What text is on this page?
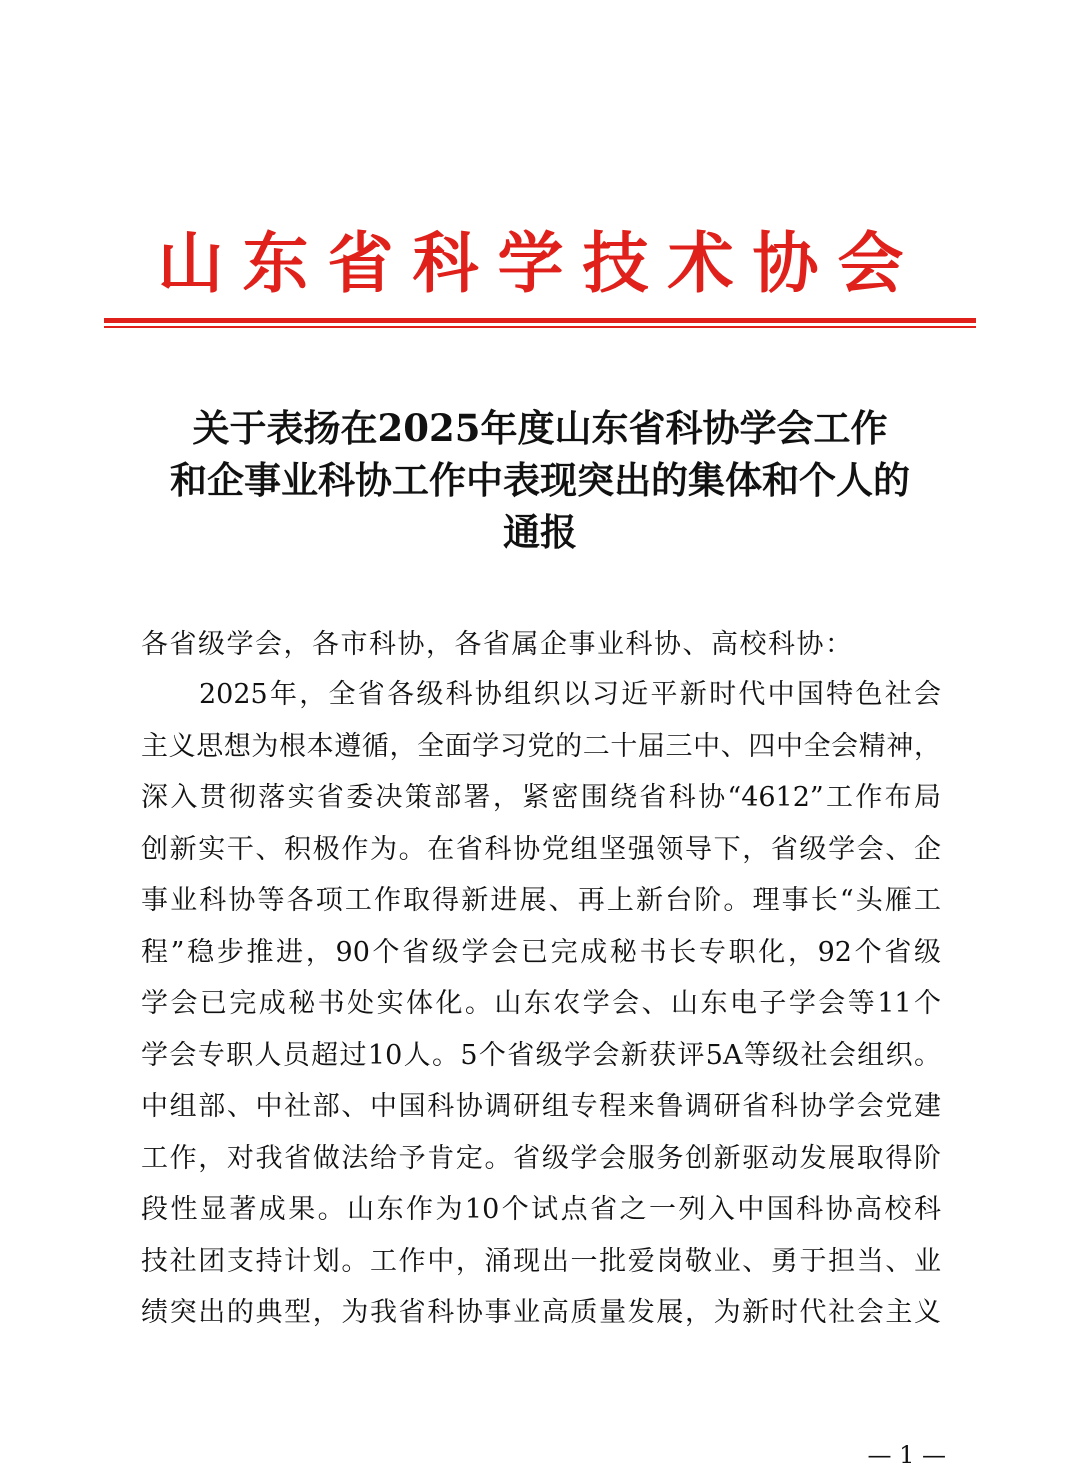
山东省科学技术协会
关于表扬在2025年度山东省科协学会工作
和企事业科协工作中表现突出的集体和个人的
通报
各省级学会，各市科协，各省属企事业科协、高校科协：
2025年，全省各级科协组织以习近平新时代中国特色社会
主义思想为根本遵循，全面学习党的二十届三中、四中全会精神，
深入贯彻落实省委决策部署，紧密围绕省科协“4612”工作布局
创新实干、积极作为。在省科协党组坚强领导下，省级学会、企
事业科协等各项工作取得新进展、再上新台阶。理事长“头雁工
程”稳步推进，90个省级学会已完成秘书长专职化，92个省级
学会已完成秘书处实体化。山东农学会、山东电子学会等11个
学会专职人员超过10人。5个省级学会新获评5A等级社会组织。
中组部、中社部、中国科协调研组专程来鲁调研省科协学会党建
工作，对我省做法给予肯定。省级学会服务创新驱动发展取得阶
段性显著成果。山东作为10个试点省之一列入中国科协高校科
技社团支持计划。工作中，涌现出一批爱岗敬业、勇于担当、业
绩突出的典型，为我省科协事业高质量发展，为新时代社会主义
— 1 —
